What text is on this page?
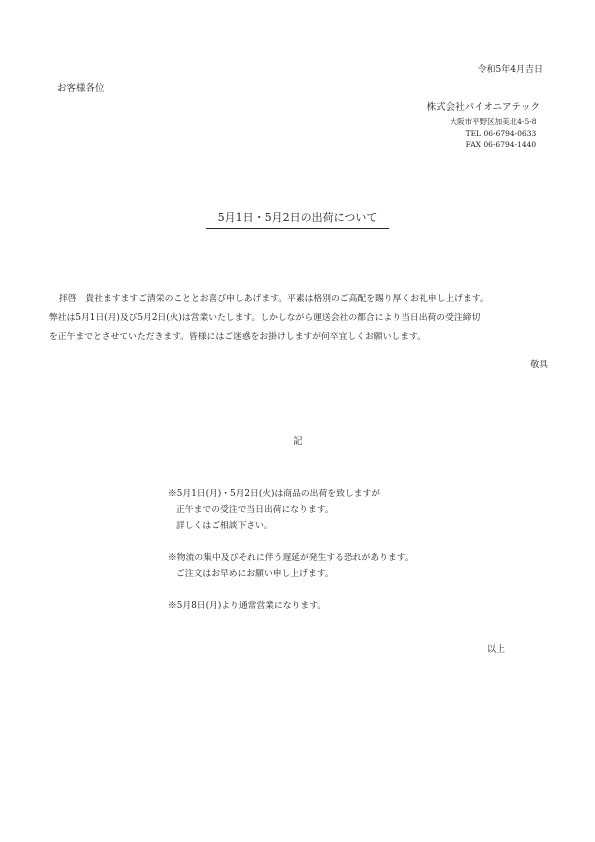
令和5年4月吉日
お客様各位
株式会社パイオニアテック
大阪市平野区加美北4-5-8
TEL 06-6794-0633
FAX 06-6794-1440
5月1日・5月2日の出荷について

拝啓　貴社ますますご清栄のこととお喜び申しあげます。平素は格別のご高配を賜り厚くお礼申し上げます。

弊社は5月1日(月)及び5月2日(火)は営業いたします。しかしながら運送会社の都合により当日出荷の受注締切

を正午までとさせていただきます。皆様にはご迷惑をお掛けしますが何卒宜しくお願いします。

敬具
記
※5月1日(月)・5月2日(火)は商品の出荷を致しますが
正午までの受注で当日出荷になります。
詳しくはご相談下さい。
※物流の集中及びそれに伴う遅延が発生する恐れがあります。
ご注文はお早めにお願い申し上げます。
※5月8日(月)より通常営業になります。
以上
